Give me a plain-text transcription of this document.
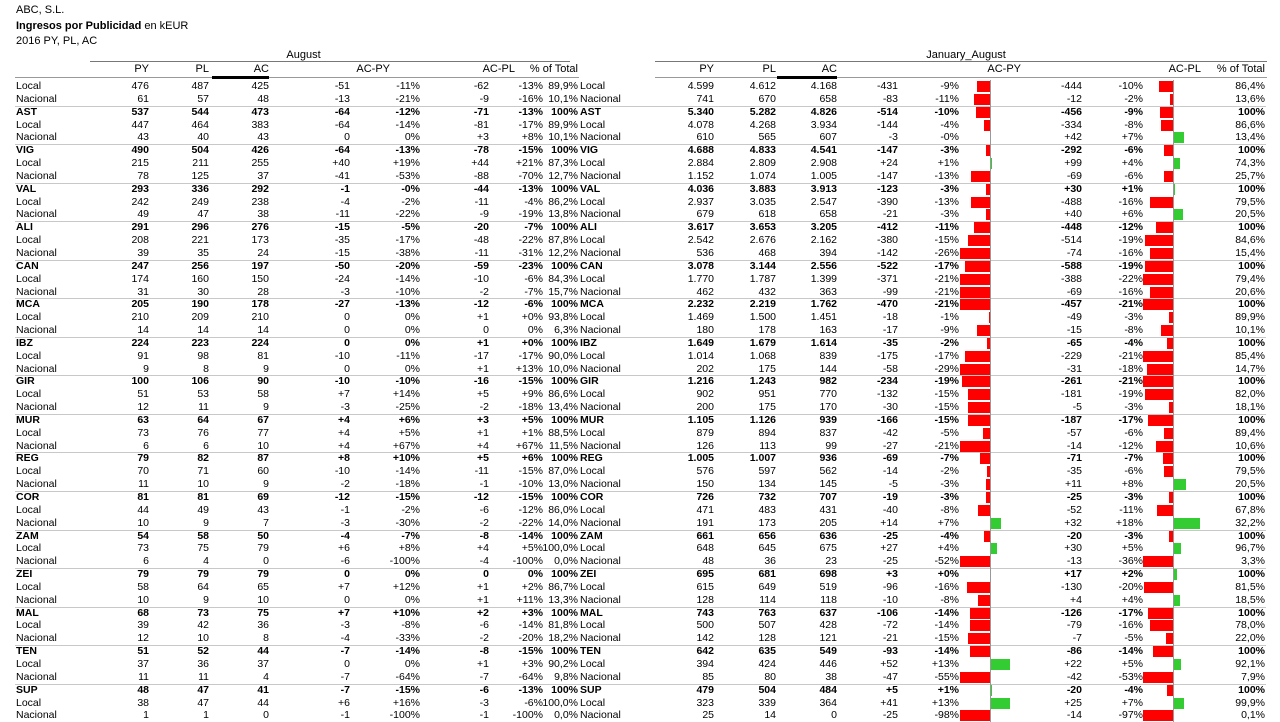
ABC, S.L.
Ingresos por Publicidad en kEUR
2016 PY, PL, AC
August	January_August
PY	PL	AC	AC-PY	AC-PL % of Total	PY	PL	AC	AC-PY	AC-PL % of Total
Local	476	487	425	-51	-11%	-62	-13% 89,9% Local	4.599	4.612	4.168	-431	-9%	-444	-10%	86,4%
Nacional	61	57	48	-13	-21%	-9	-16% 10,1% Nacional	741	670	658	-83	-11%	-12	-2%	13,6%
AST	537	544	473	-64	-12%	-71	-13% 100% AST	5.340	5.282	4.826	-514	-10%	-456	-9%	100%
Local	447	464	383	-64	-14%	-81	-17% 89,9% Local	4.078	4.268	3.934	-144	-4%	-334	-8%	86,6%
Nacional	43	40	43	0	0%	+3	+8% 10,1% Nacional	610	565	607	-3	-0%	+42	+7%	13,4%
VIG	490	504	426	-64	-13%	-78	-15% 100% VIG	4.688	4.833	4.541	-147	-3%	-292	-6%	100%
Local	215	211	255	+40	+19%	+44	+21% 87,3% Local	2.884	2.809	2.908	+24	+1%	+99	+4%	74,3%
Nacional	78	125	37	-41	-53%	-88	-70% 12,7% Nacional	1.152	1.074	1.005	-147	-13%	-69	-6%	25,7%
VAL	293	336	292	-1	-0%	-44	-13% 100% VAL	4.036	3.883	3.913	-123	-3%	+30	+1%	100%
Local	242	249	238	-4	-2%	-11	-4% 86,2% Local	2.937	3.035	2.547	-390	-13%	-488	-16%	79,5%
Nacional	49	47	38	-11	-22%	-9	-19% 13,8% Nacional	679	618	658	-21	-3%	+40	+6%	20,5%
ALI	291	296	276	-15	-5%	-20	-7% 100% ALI	3.617	3.653	3.205	-412	-11%	-448	-12%	100%
Local	208	221	173	-35	-17%	-48	-22% 87,8% Local	2.542	2.676	2.162	-380	-15%	-514	-19%	84,6%
Nacional	39	35	24	-15	-38%	-11	-31% 12,2% Nacional	536	468	394	-142	-26%	-74	-16%	15,4%
CAN	247	256	197	-50	-20%	-59	-23% 100% CAN	3.078	3.144	2.556	-522	-17%	-588	-19%	100%
Local	174	160	150	-24	-14%	-10	-6% 84,3% Local	1.770	1.787	1.399	-371	-21%	-388	-22%	79,4%
Nacional	31	30	28	-3	-10%	-2	-7% 15,7% Nacional	462	432	363	-99	-21%	-69	-16%	20,6%
MCA	205	190	178	-27	-13%	-12	-6% 100% MCA	2.232	2.219	1.762	-470	-21%	-457	-21%	100%
Local	210	209	210	0	0%	+1	+0% 93,8% Local	1.469	1.500	1.451	-18	-1%	-49	-3%	89,9%
Nacional	14	14	14	0	0%	0	0% 6,3% Nacional	180	178	163	-17	-9%	-15	-8%	10,1%
IBZ	224	223	224	0	0%	+1	+0% 100% IBZ	1.649	1.679	1.614	-35	-2%	-65	-4%	100%
Local	91	98	81	-10	-11%	-17	-17% 90,0% Local	1.014	1.068	839	-175	-17%	-229	-21%	85,4%
Nacional	9	8	9	0	0%	+1	+13% 10,0% Nacional	202	175	144	-58	-29%	-31	-18%	14,7%
GIR	100	106	90	-10	-10%	-16	-15% 100% GIR	1.216	1.243	982	-234	-19%	-261	-21%	100%
Local	51	53	58	+7	+14%	+5	+9% 86,6% Local	902	951	770	-132	-15%	-181	-19%	82,0%
Nacional	12	11	9	-3	-25%	-2	-18% 13,4% Nacional	200	175	170	-30	-15%	-5	-3%	18,1%
MUR	63	64	67	+4	+6%	+3	+5% 100% MUR	1.105	1.126	939	-166	-15%	-187	-17%	100%
Local	73	76	77	+4	+5%	+1	+1% 88,5% Local	879	894	837	-42	-5%	-57	-6%	89,4%
Nacional	6	6	10	+4	+67%	+4	+67% 11,5% Nacional	126	113	99	-27	-21%	-14	-12%	10,6%
REG	79	82	87	+8	+10%	+5	+6% 100% REG	1.005	1.007	936	-69	-7%	-71	-7%	100%
Local	70	71	60	-10	-14%	-11	-15% 87,0% Local	576	597	562	-14	-2%	-35	-6%	79,5%
Nacional	11	10	9	-2	-18%	-1	-10% 13,0% Nacional	150	134	145	-5	-3%	+11	+8%	20,5%
COR	81	81	69	-12	-15%	-12	-15% 100% COR	726	732	707	-19	-3%	-25	-3%	100%
Local	44	49	43	-1	-2%	-6	-12% 86,0% Local	471	483	431	-40	-8%	-52	-11%	67,8%
Nacional	10	9	7	-3	-30%	-2	-22% 14,0% Nacional	191	173	205	+14	+7%	+32	+18%	32,2%
ZAM	54	58	50	-4	-7%	-8	-14% 100% ZAM	661	656	636	-25	-4%	-20	-3%	100%
Local	73	75	79	+6	+8%	+4	+5% 100,0% Local	648	645	675	+27	+4%	+30	+5%	96,7%
Nacional	6	4	0	-6	-100%	-4 -100% 0,0% Nacional	48	36	23	-25	-52%	-13	-36%	3,3%
ZEI	79	79	79	0	0%	0	0% 100% ZEI	695	681	698	+3	+0%	+17	+2%	100%
Local	58	64	65	+7	+12%	+1	+2% 86,7% Local	615	649	519	-96	-16%	-130	-20%	81,5%
Nacional	10	9	10	0	0%	+1	+11% 13,3% Nacional	128	114	118	-10	-8%	+4	+4%	18,5%
MAL	68	73	75	+7	+10%	+2	+3% 100% MAL	743	763	637	-106	-14%	-126	-17%	100%
Local	39	42	36	-3	-8%	-6	-14% 81,8% Local	500	507	428	-72	-14%	-79	-16%	78,0%
Nacional	12	10	8	-4	-33%	-2	-20% 18,2% Nacional	142	128	121	-21	-15%	-7	-5%	22,0%
TEN	51	52	44	-7	-14%	-8	-15% 100% TEN	642	635	549	-93	-14%	-86	-14%	100%
Local	37	36	37	0	0%	+1	+3% 90,2% Local	394	424	446	+52	+13%	+22	+5%	92,1%
Nacional	11	11	4	-7	-64%	-7	-64% 9,8% Nacional	85	80	38	-47	-55%	-42	-53%	7,9%
SUP	48	47	41	-7	-15%	-6	-13% 100% SUP	479	504	484	+5	+1%	-20	-4%	100%
Local	38	47	44	+6	+16%	-3	-6% 100,0% Local	323	339	364	+41	+13%	+25	+7%	99,9%
Nacional	1	1	0	-1	-100%	-1 -100% 0,0% Nacional	25	14	0	-25	-98%	-14	-97%	0,1%
